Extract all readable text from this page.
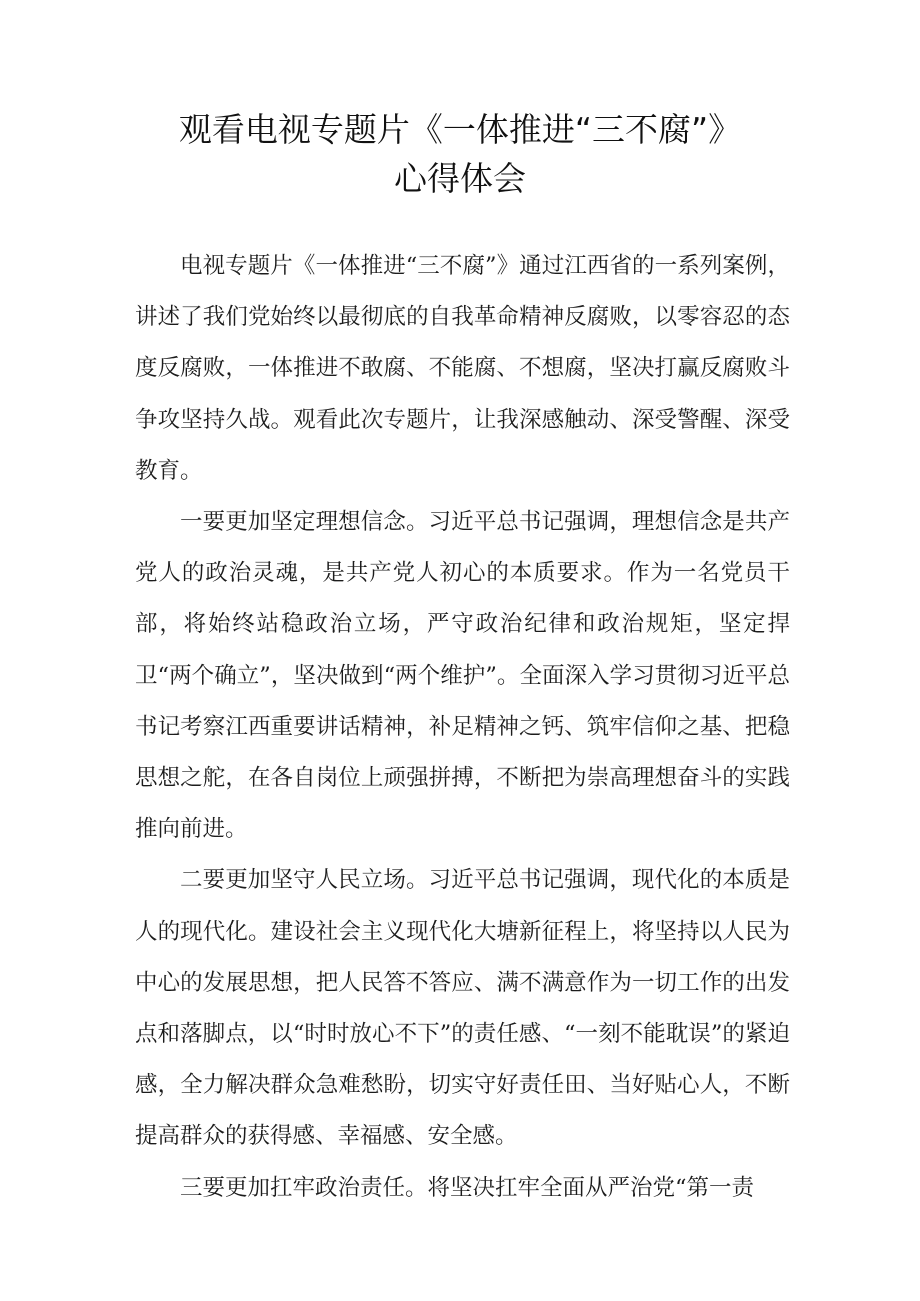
观看电视专题片《一体推进“三不腐”》
心得体会

电视专题片《一体推进“三不腐”》通过江西省的一系列案例，讲述了我们党始终以最彻底的自我革命精神反腐败，以零容忍的态度反腐败，一体推进不敢腐、不能腐、不想腐，坚决打赢反腐败斗争攻坚持久战。观看此次专题片，让我深感触动、深受警醒、深受教育。

一要更加坚定理想信念。习近平总书记强调，理想信念是共产党人的政治灵魂，是共产党人初心的本质要求。作为一名党员干部，将始终站稳政治立场，严守政治纪律和政治规矩，坚定捍卫“两个确立”，坚决做到“两个维护”。全面深入学习贯彻习近平总书记考察江西重要讲话精神，补足精神之钙、筑牢信仰之基、把稳思想之舵，在各自岗位上顽强拼搏，不断把为崇高理想奋斗的实践推向前进。

二要更加坚守人民立场。习近平总书记强调，现代化的本质是人的现代化。建设社会主义现代化大塘新征程上，将坚持以人民为中心的发展思想，把人民答不答应、满不满意作为一切工作的出发点和落脚点，以“时时放心不下”的责任感、“一刻不能耽误”的紧迫感，全力解决群众急难愁盼，切实守好责任田、当好贴心人，不断提高群众的获得感、幸福感、安全感。

三要更加扛牢政治责任。将坚决扛牢全面从严治党“第一责
